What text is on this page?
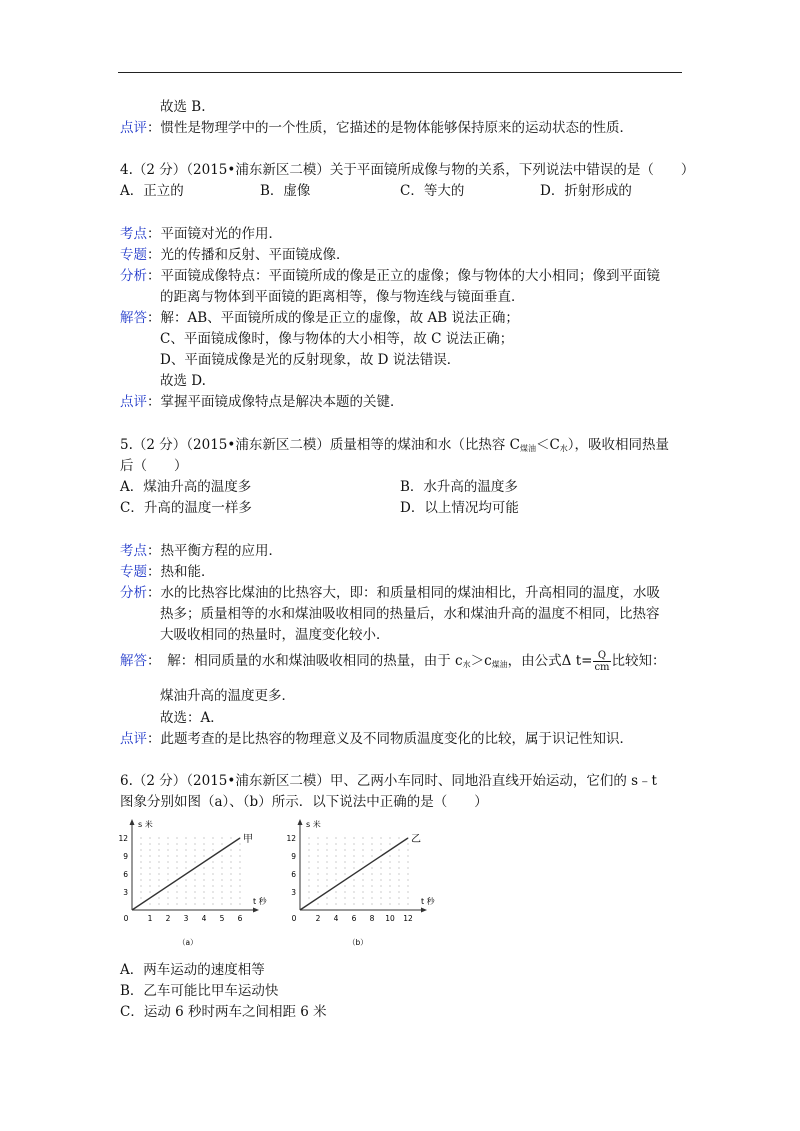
故选 B.
点评：惯性是物理学中的一个性质，它描述的是物体能够保持原来的运动状态的性质．
4.（2 分）（2015•浦东新区二模）关于平面镜所成像与物的关系，下列说法中错误的是（　　）
A．正立的	B．虚像	C．等大的	D．折射形成的
考点：平面镜对光的作用．
专题：光的传播和反射、平面镜成像．
分析：平面镜成像特点：平面镜所成的像是正立的虚像；像与物体的大小相同；像到平面镜
的距离与物体到平面镜的距离相等，像与物连线与镜面垂直．
解答：解：AB、平面镜所成的像是正立的虚像，故 AB 说法正确；
C、平面镜成像时，像与物体的大小相等，故 C 说法正确；
D、平面镜成像是光的反射现象，故 D 说法错误．
故选 D.
点评：掌握平面镜成像特点是解决本题的关键．
5.（2 分）（2015•浦东新区二模）质量相等的煤油和水（比热容 $C_{煤油}<C_水$），吸收相同热量
后（　　）
A．煤油升高的温度多	B．水升高的温度多
C．升高的温度一样多	D．以上情况均可能
考点：热平衡方程的应用．
专题：热和能．
分析：水的比热容比煤油的比热容大，即：和质量相同的煤油相比，升高相同的温度，水吸
热多；质量相等的水和煤油吸收相同的热量后，水和煤油升高的温度不相同，比热容
大吸收相同的热量时，温度变化较小．
解答：　解：相同质量的水和煤油吸收相同的热量，由于 $c_水>c_{煤油}$，由公式Δ $t= \frac{Q}{cm}$ 比较知：
煤油升高的温度更多．
故选：A．
点评：此题考查的是比热容的物理意义及不同物质温度变化的比较，属于识记性知识．
6.（2 分）（2015•浦东新区二模）甲、乙两小车同时、同地沿直线开始运动，它们的 s﹣t
图象分别如图（a）、（b）所示．以下说法中正确的是（　　）
0	1 2 3 4 5 6
3
6
9
12
s 米
t 秒
甲
（a）
0	2 4 6 8 10 12
3
6
9
12
s 米
t 秒
乙
（b）
A．两车运动的速度相等
B．乙车可能比甲车运动快
C．运动 6 秒时两车之间相距 6 米
